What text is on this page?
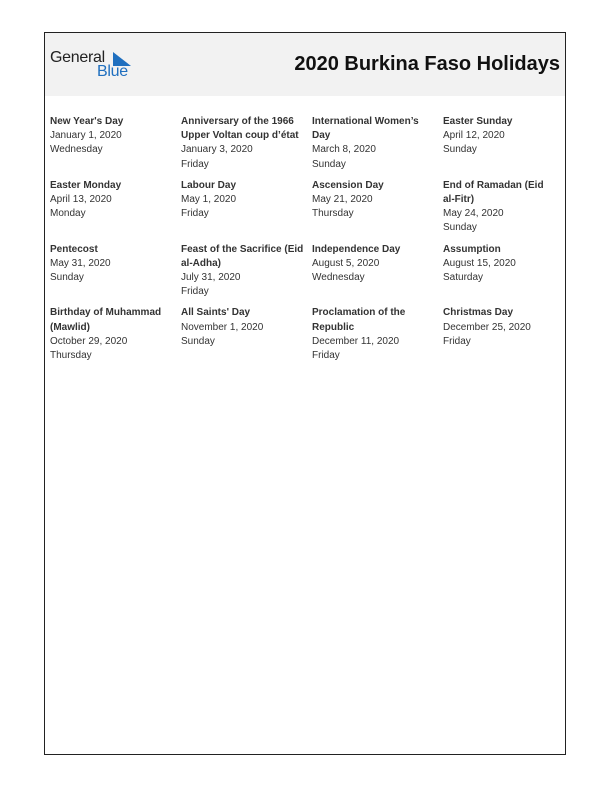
General
Blue	2020 Burkina Faso Holidays
New Year's Day
January 1, 2020
Wednesday
Anniversary of the 1966 Upper Voltan coup d’état
January 3, 2020
Friday
International Women’s Day
March 8, 2020
Sunday
Easter Sunday
April 12, 2020
Sunday
Easter Monday
April 13, 2020
Monday
Labour Day
May 1, 2020
Friday
Ascension Day
May 21, 2020
Thursday
End of Ramadan (Eid al-Fitr)
May 24, 2020
Sunday
Pentecost
May 31, 2020
Sunday
Feast of the Sacrifice (Eid al-Adha)
July 31, 2020
Friday
Independence Day
August 5, 2020
Wednesday
Assumption
August 15, 2020
Saturday
Birthday of Muhammad (Mawlid)
October 29, 2020
Thursday
All Saints' Day
November 1, 2020
Sunday
Proclamation of the Republic
December 11, 2020
Friday
Christmas Day
December 25, 2020
Friday
